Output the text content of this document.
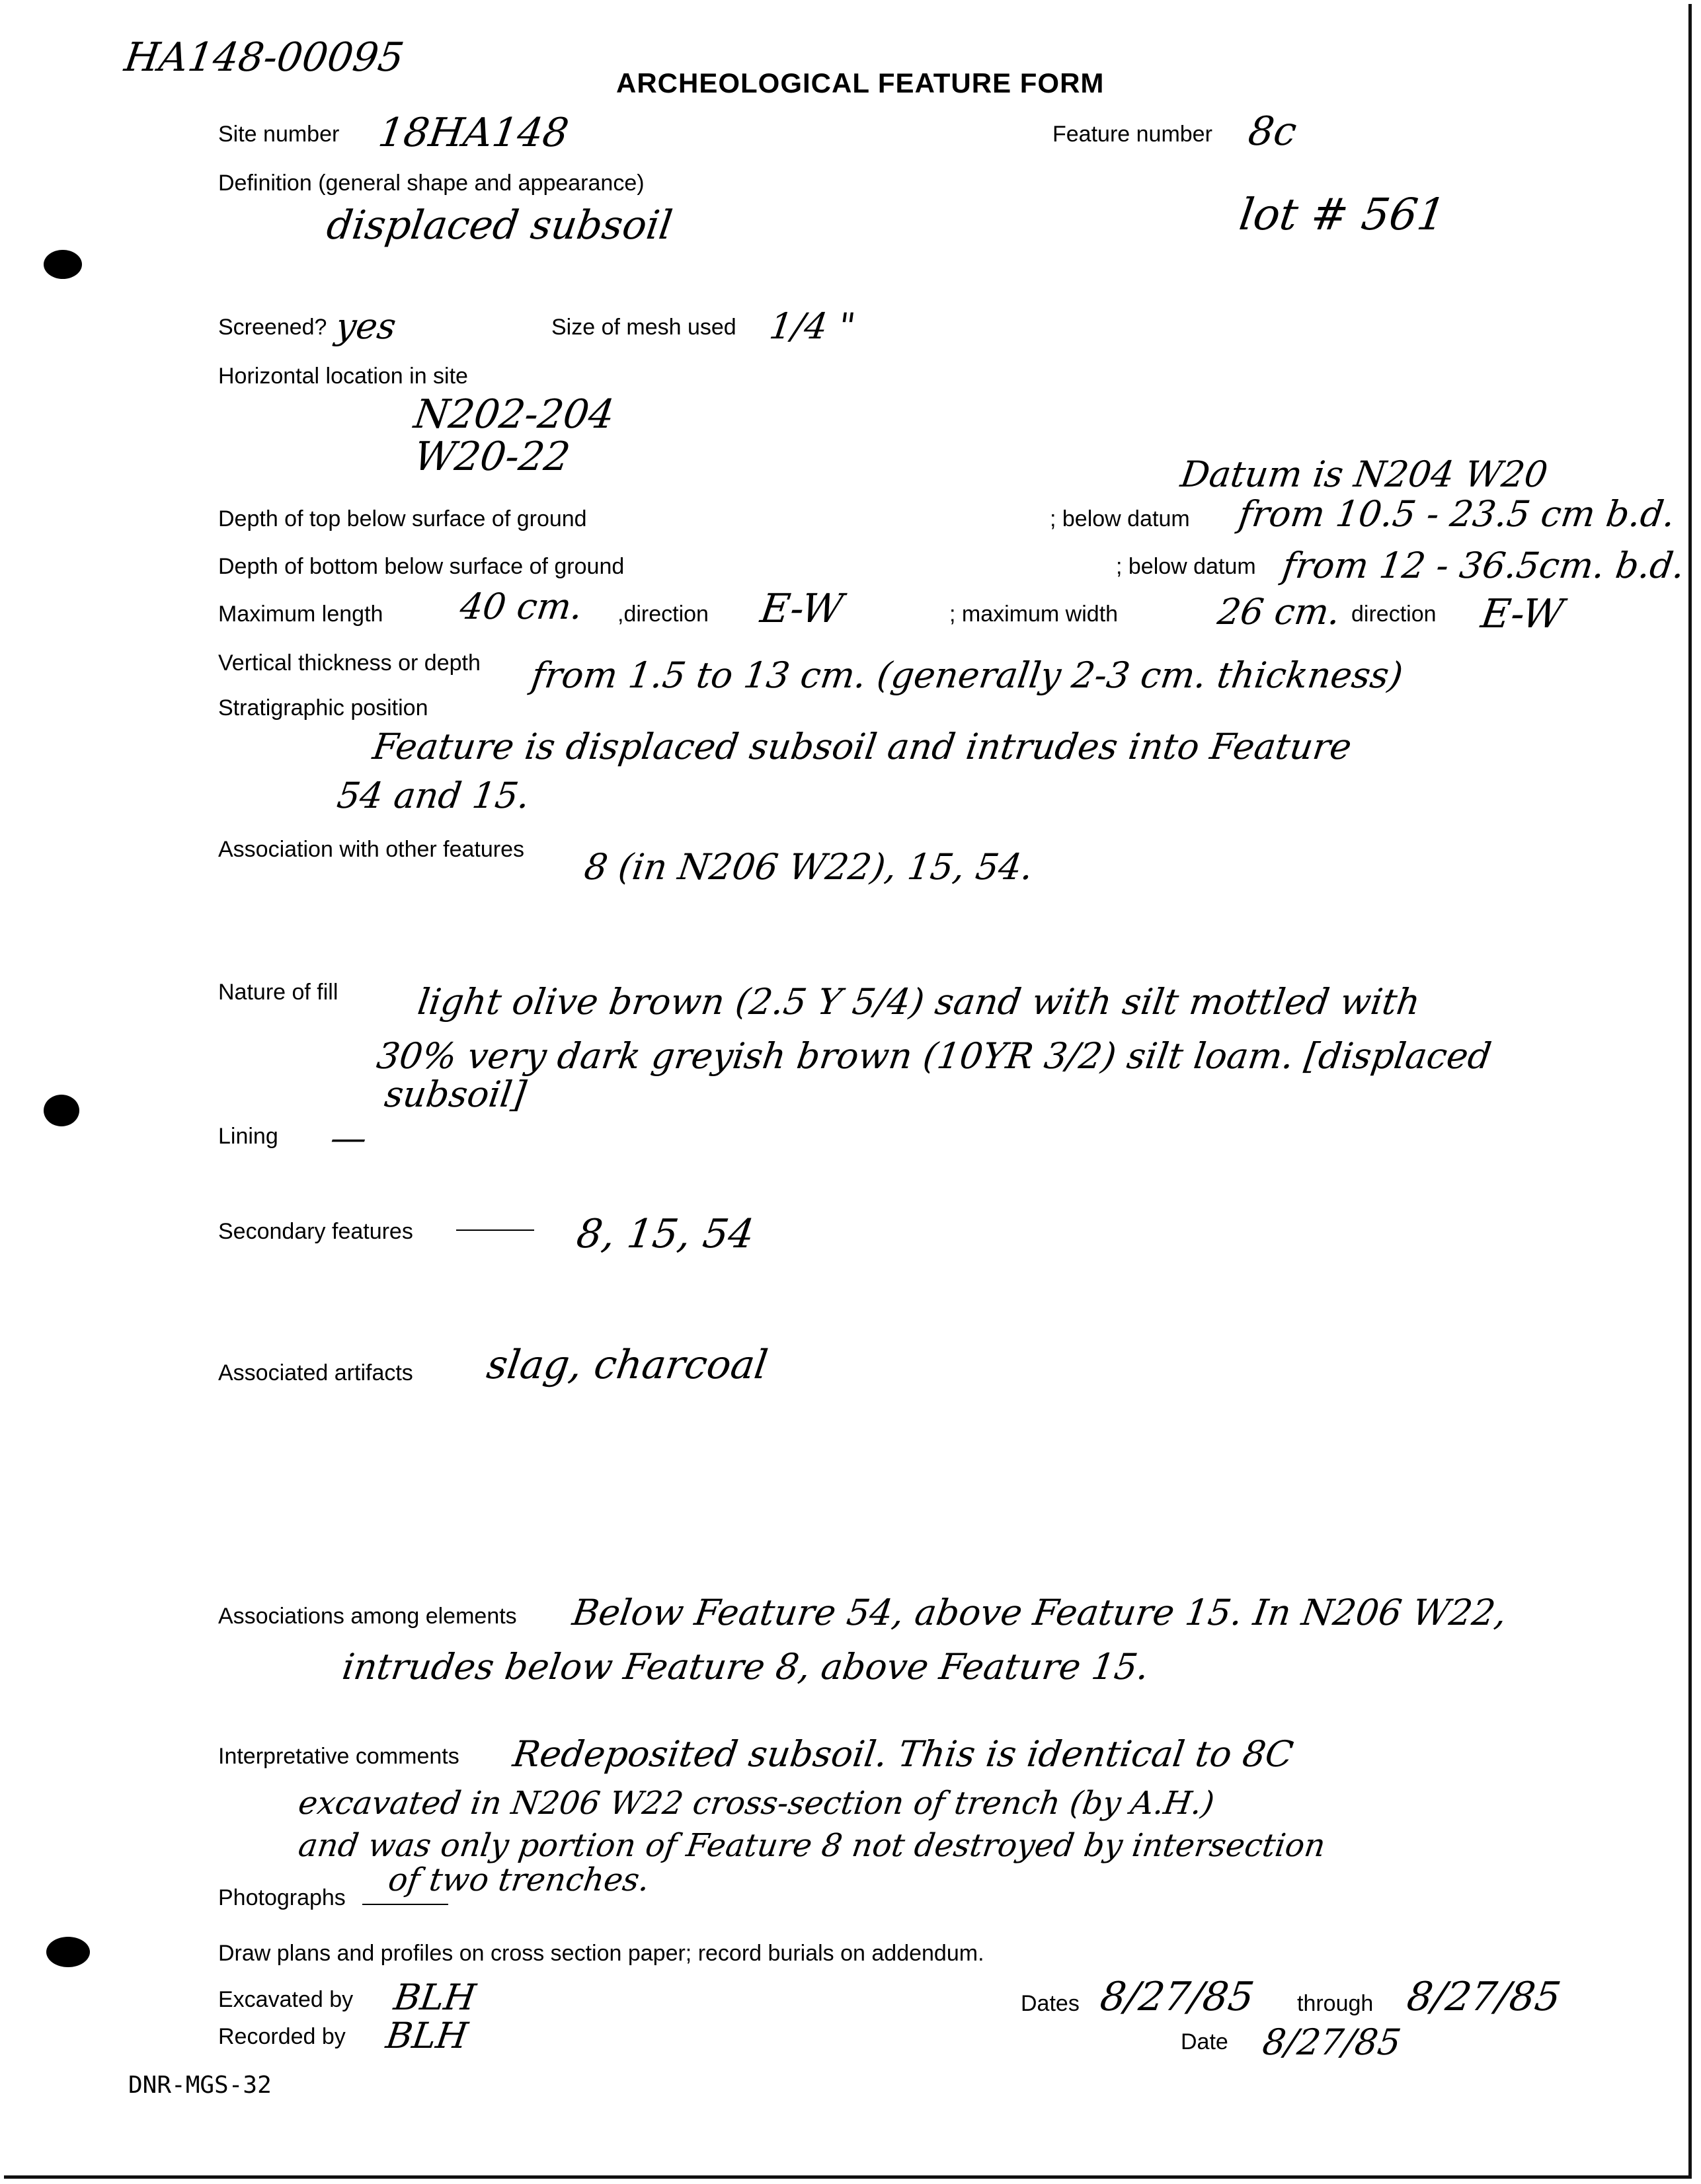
HA148-00095
ARCHEOLOGICAL FEATURE FORM
Site number 18HA148	Feature number 8c
Definition (general shape and appearance)
displaced subsoil	lot # 561
Screened? yes	Size of mesh used 1/4 "
Horizontal location in site
N202-204
W20-22	Datum is N204 W20
Depth of top below surface of ground	; below datum from 10.5 - 23.5 cm b.d.
Depth of bottom below surface of ground	; below datum from 12 - 36.5cm. b.d.
Maximum length 40 cm. ,direction E-W	; maximum width	26 cm. direction E-W
Vertical thickness or depth from 1.5 to 13 cm. (generally 2-3 cm. thickness)
Stratigraphic position
Feature is displaced subsoil and intrudes into Feature
54 and 15.
Association with other features 8 (in N206 W22), 15, 54.
Nature of fill light olive brown (2.5 Y 5/4) sand with silt mottled with
30% very dark greyish brown (10YR 3/2) silt loam. [displaced
subsoil]
Lining —
Secondary features	8, 15, 54
Associated artifacts slag, charcoal
Associations among elements Below Feature 54, above Feature 15. In N206 W22,
intrudes below Feature 8, above Feature 15.
Interpretative comments Redeposited subsoil. This is identical to 8C
excavated in N206 W22 cross-section of trench (by A.H.)
and was only portion of Feature 8 not destroyed by intersection
of two trenches.
Photographs
Draw plans and profiles on cross section paper; record burials on addendum.
Excavated by BLH	Dates 8/27/85 through 8/27/85
Recorded by BLH	Date 8/27/85
DNR-MGS-32
